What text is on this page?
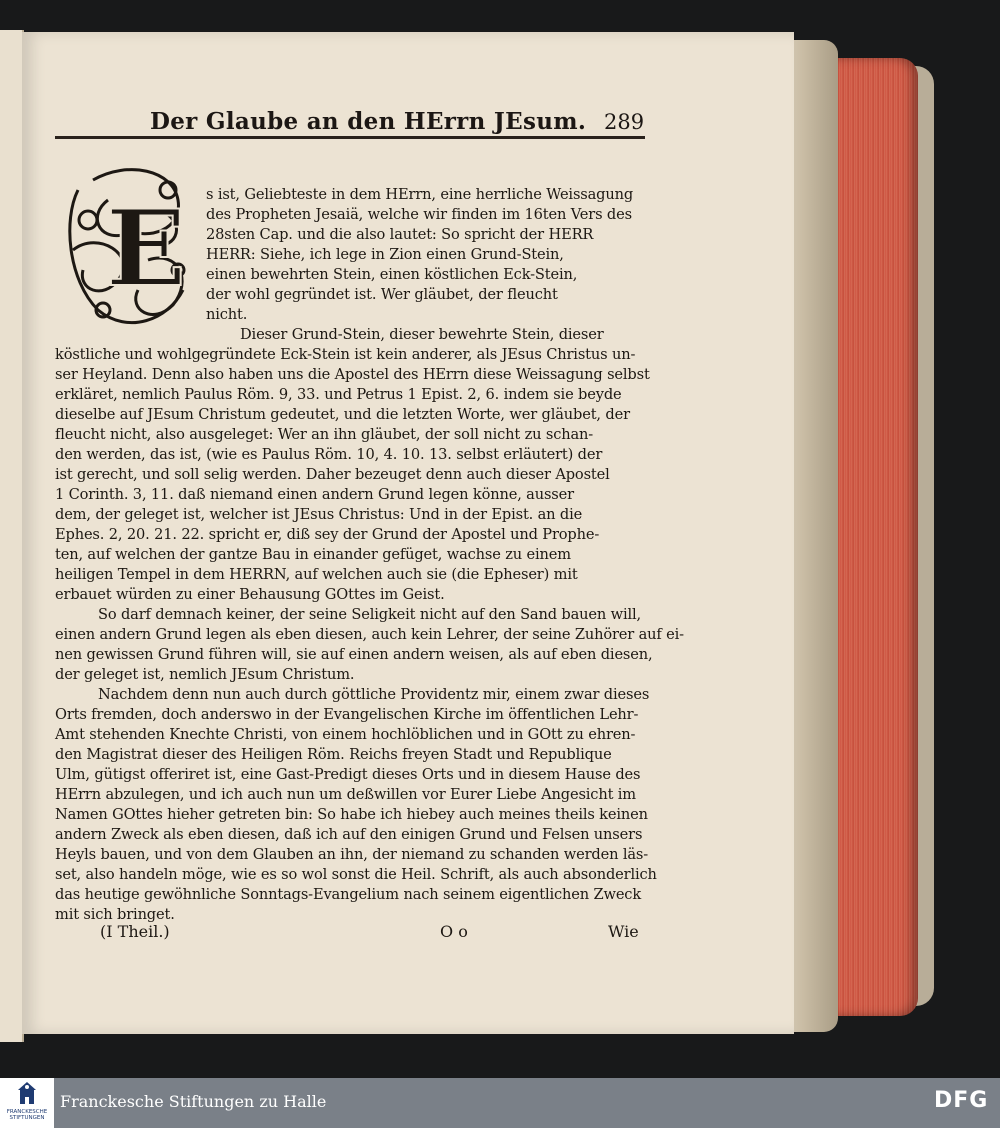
Der Glaube an den HErrn JEsum. 289
E s ist, Geliebteste in dem HErrn, eine herrliche Weissagung
des Propheten Jesaiä, welche wir finden im 16ten Vers des
28sten Cap. und die also lautet: So spricht der HERR
HERR: Siehe, ich lege in Zion einen Grund-Stein,
einen bewehrten Stein, einen köstlichen Eck-Stein,
der wohl gegründet ist. Wer gläubet, der fleucht
nicht.
Dieser Grund-Stein, dieser bewehrte Stein, dieser
köstliche und wohlgegründete Eck-Stein ist kein anderer, als JEsus Christus un-
ser Heyland. Denn also haben uns die Apostel des HErrn diese Weissagung selbst
erkläret, nemlich Paulus Röm. 9, 33. und Petrus 1 Epist. 2, 6. indem sie beyde
dieselbe auf JEsum Christum gedeutet, und die letzten Worte, wer gläubet, der
fleucht nicht, also ausgeleget: Wer an ihn gläubet, der soll nicht zu schan-
den werden, das ist, (wie es Paulus Röm. 10, 4. 10. 13. selbst erläutert) der
ist gerecht, und soll selig werden. Daher bezeuget denn auch dieser Apostel
1 Corinth. 3, 11. daß niemand einen andern Grund legen könne, ausser
dem, der geleget ist, welcher ist JEsus Christus: Und in der Epist. an die
Ephes. 2, 20. 21. 22. spricht er, diß sey der Grund der Apostel und Prophe-
ten, auf welchen der gantze Bau in einander gefüget, wachse zu einem
heiligen Tempel in dem HERRN, auf welchen auch sie (die Epheser) mit
erbauet würden zu einer Behausung GOttes im Geist.
So darf demnach keiner, der seine Seligkeit nicht auf den Sand bauen will,
einen andern Grund legen als eben diesen, auch kein Lehrer, der seine Zuhörer auf ei-
nen gewissen Grund führen will, sie auf einen andern weisen, als auf eben diesen,
der geleget ist, nemlich JEsum Christum.
Nachdem denn nun auch durch göttliche Providentz mir, einem zwar dieses
Orts fremden, doch anderswo in der Evangelischen Kirche im öffentlichen Lehr-
Amt stehenden Knechte Christi, von einem hochlöblichen und in GOtt zu ehren-
den Magistrat dieser des Heiligen Röm. Reichs freyen Stadt und Republique
Ulm, gütigst offeriret ist, eine Gast-Predigt dieses Orts und in diesem Hause des
HErrn abzulegen, und ich auch nun um deßwillen vor Eurer Liebe Angesicht im
Namen GOttes hieher getreten bin: So habe ich hiebey auch meines theils keinen
andern Zweck als eben diesen, daß ich auf den einigen Grund und Felsen unsers
Heyls bauen, und von dem Glauben an ihn, der niemand zu schanden werden läs-
set, also handeln möge, wie es so wol sonst die Heil. Schrift, als auch absonderlich
das heutige gewöhnliche Sonntags-Evangelium nach seinem eigentlichen Zweck
mit sich bringet.
(I Theil.)	O o	Wie
FRANCKESCHE STIFTUNGEN
Franckesche Stiftungen zu Halle	DFG
